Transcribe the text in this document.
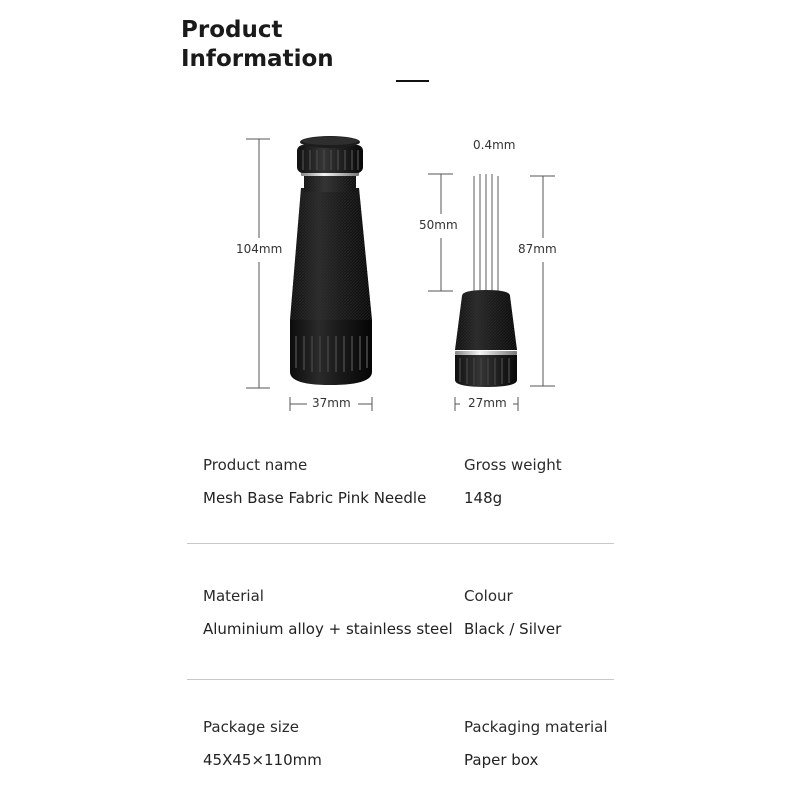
Product
Information
104mm
37mm
0.4mm
50mm
87mm
27mm
Product name
Mesh Base Fabric Pink Needle
Gross weight
148g
Material
Aluminium alloy + stainless steel
Colour
Black / Silver
Package size
45X45×110mm
Packaging material
Paper box
